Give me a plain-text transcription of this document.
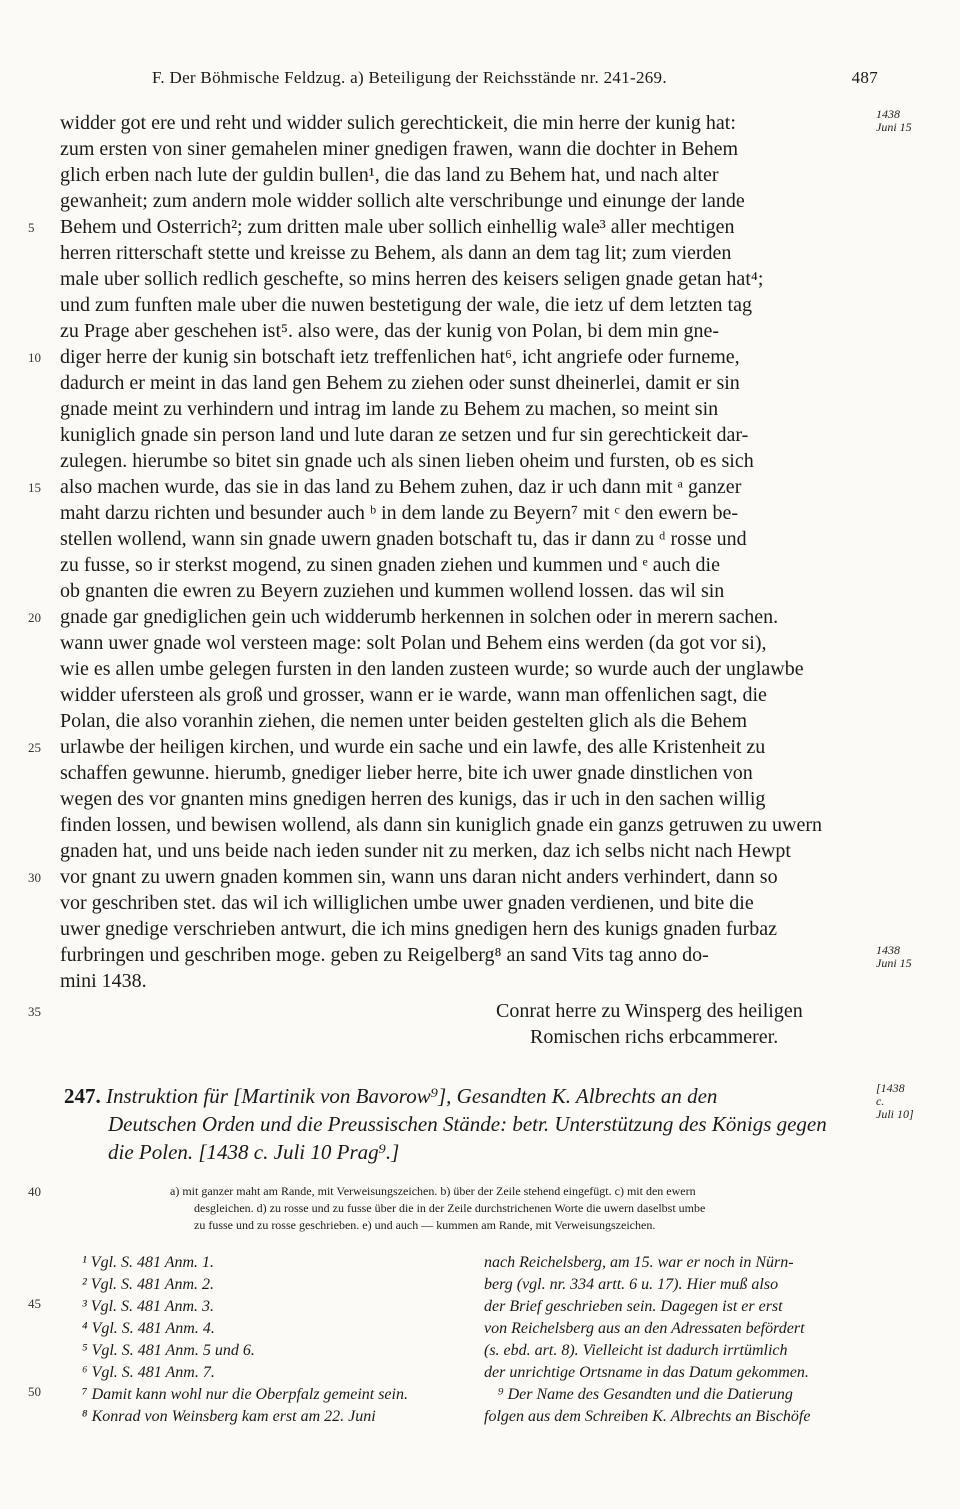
F. Der Böhmische Feldzug. a) Beteiligung der Reichsstände nr. 241-269.	487
widder got ere und reht und widder sulich gerechtickeit, die min herre der kunig hat:
zum ersten von siner gemahelen miner gnedigen frawen, wann die dochter in Behem
glich erben nach lute der guldin bullen¹, die das land zu Behem hat, und nach alter
gewanheit; zum andern mole widder sollich alte verschribunge und einunge der lande
Behem und Osterrich²; zum dritten male uber sollich einhellig wale³ aller mechtigen
herren ritterschaft stette und kreisse zu Behem, als dann an dem tag lit; zum vierden
male uber sollich redlich geschefte, so mins herren des keisers seligen gnade getan hat⁴;
und zum funften male uber die nuwen bestetigung der wale, die ietz uf dem letzten tag
zu Prage aber geschehen ist⁵. also were, das der kunig von Polan, bi dem min gne-
diger herre der kunig sin botschaft ietz treffenlichen hat⁶, icht angriefe oder furneme,
dadurch er meint in das land gen Behem zu ziehen oder sunst dheinerlei, damit er sin
gnade meint zu verhindern und intrag im lande zu Behem zu machen, so meint sin
kuniglich gnade sin person land und lute daran ze setzen und fur sin gerechtickeit dar-
zulegen. hierumbe so bitet sin gnade uch als sinen lieben oheim und fursten, ob es sich
also machen wurde, das sie in das land zu Behem zuhen, daz ir uch dann mit ᵃ ganzer
maht darzu richten und besunder auch ᵇ in dem lande zu Beyern⁷ mit ᶜ den ewern be-
stellen wollend, wann sin gnade uwern gnaden botschaft tu, das ir dann zu ᵈ rosse und
zu fusse, so ir sterkst mogend, zu sinen gnaden ziehen und kummen und ᵉ auch die
ob gnanten die ewren zu Beyern zuziehen und kummen wollend lossen. das wil sin
gnade gar gnediglichen gein uch widderumb herkennen in solchen oder in merern sachen.
wann uwer gnade wol versteen mage: solt Polan und Behem eins werden (da got vor si),
wie es allen umbe gelegen fursten in den landen zusteen wurde; so wurde auch der unglawbe
widder ufersteen als groß und grosser, wann er ie warde, wann man offenlichen sagt, die
Polan, die also voranhin ziehen, die nemen unter beiden gestelten glich als die Behem
urlawbe der heiligen kirchen, und wurde ein sache und ein lawfe, des alle Kristenheit zu
schaffen gewunne. hierumb, gnediger lieber herre, bite ich uwer gnade dinstlichen von
wegen des vor gnanten mins gnedigen herren des kunigs, das ir uch in den sachen willig
finden lossen, und bewisen wollend, als dann sin kuniglich gnade ein ganzs getruwen zu uwern
gnaden hat, und uns beide nach ieden sunder nit zu merken, daz ich selbs nicht nach Hewpt
vor gnant zu uwern gnaden kommen sin, wann uns daran nicht anders verhindert, dann so
vor geschriben stet. das wil ich williglichen umbe uwer gnaden verdienen, und bite die
uwer gnedige verschrieben antwurt, die ich mins gnedigen hern des kunigs gnaden furbaz
furbringen und geschriben moge. geben zu Reigelberg⁸ an sand Vits tag anno do-
mini 1438.
5
10
15
20
25
30
35
40
45
50
1438
Juni 15
1438
Juni 15
[1438
c.
Juli 10]
Conrat herre zu Winsperg des heiligen
Romischen richs erbcammerer.
247. Instruktion für [Martinik von Bavorow⁹], Gesandten K. Albrechts an den
Deutschen Orden und die Preussischen Stände: betr. Unterstützung des Königs gegen
die Polen. [1438 c. Juli 10 Prag⁹.]
a) mit ganzer maht am Rande, mit Verweisungszeichen. b) über der Zeile stehend eingefügt. c) mit den ewern
desgleichen. d) zu rosse und zu fusse über die in der Zeile durchstrichenen Worte die uwern daselbst umbe
zu fusse und zu rosse geschrieben. e) und auch — kummen am Rande, mit Verweisungszeichen.
¹ Vgl. S. 481 Anm. 1.
² Vgl. S. 481 Anm. 2.
³ Vgl. S. 481 Anm. 3.
⁴ Vgl. S. 481 Anm. 4.
⁵ Vgl. S. 481 Anm. 5 und 6.
⁶ Vgl. S. 481 Anm. 7.
⁷ Damit kann wohl nur die Oberpfalz gemeint sein.
⁸ Konrad von Weinsberg kam erst am 22. Juni
nach Reichelsberg, am 15. war er noch in Nürn-
berg (vgl. nr. 334 artt. 6 u. 17). Hier muß also
der Brief geschrieben sein. Dagegen ist er erst
von Reichelsberg aus an den Adressaten befördert
(s. ebd. art. 8). Vielleicht ist dadurch irrtümlich
der unrichtige Ortsname in das Datum gekommen.
⁹ Der Name des Gesandten und die Datierung
folgen aus dem Schreiben K. Albrechts an Bischöfe
